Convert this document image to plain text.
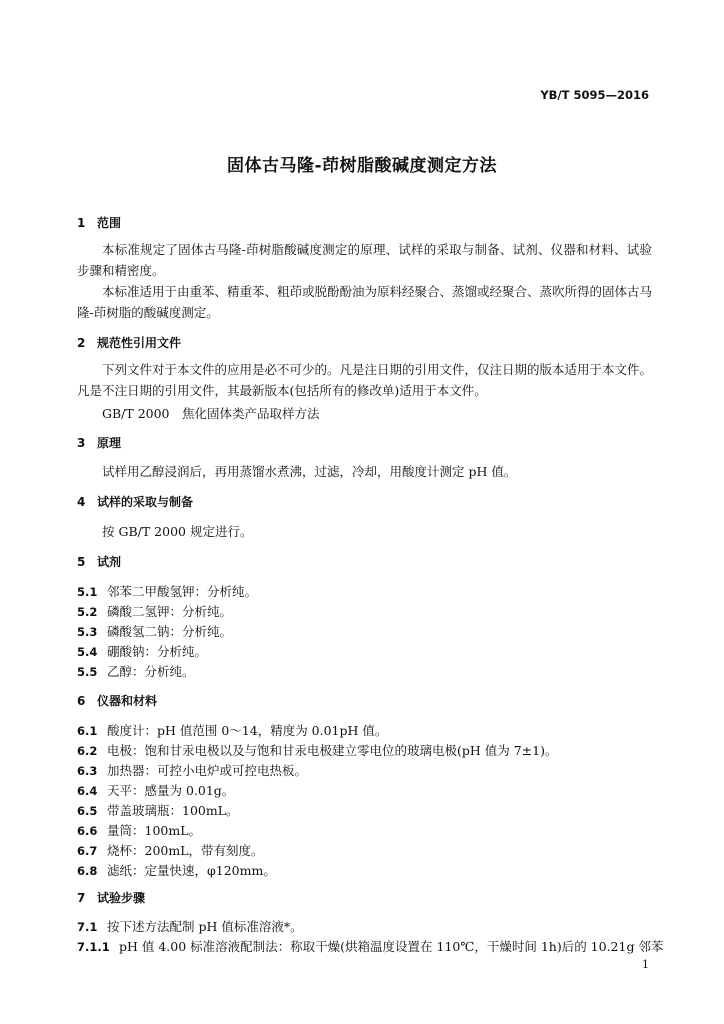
YB/T 5095—2016
固体古马隆-茚树脂酸碱度测定方法
1 范围
本标准规定了固体古马隆-茚树脂酸碱度测定的原理、试样的采取与制备、试剂、仪器和材料、试验步骤和精密度。
本标准适用于由重苯、精重苯、粗茚或脱酚酚油为原料经聚合、蒸馏或经聚合、蒸吹所得的固体古马隆-茚树脂的酸碱度测定。
2 规范性引用文件
下列文件对于本文件的应用是必不可少的。凡是注日期的引用文件，仅注日期的版本适用于本文件。凡是不注日期的引用文件，其最新版本(包括所有的修改单)适用于本文件。
GB/T 2000　焦化固体类产品取样方法
3 原理
试样用乙醇浸润后，再用蒸馏水煮沸，过滤，冷却，用酸度计测定 pH 值。
4 试样的采取与制备
按 GB/T 2000 规定进行。
5 试剂
5.1 邻苯二甲酸氢钾：分析纯。
5.2 磷酸二氢钾：分析纯。
5.3 磷酸氢二钠：分析纯。
5.4 硼酸钠：分析纯。
5.5 乙醇：分析纯。
6 仪器和材料
6.1 酸度计：pH 值范围 0～14，精度为 0.01pH 值。
6.2 电极：饱和甘汞电极以及与饱和甘汞电极建立零电位的玻璃电极(pH 值为 7±1)。
6.3 加热器：可控小电炉或可控电热板。
6.4 天平：感量为 0.01g。
6.5 带盖玻璃瓶：100mL。
6.6 量筒：100mL。
6.7 烧杯：200mL，带有刻度。
6.8 滤纸：定量快速，φ120mm。
7 试验步骤
7.1 按下述方法配制 pH 值标准溶液*。
7.1.1 pH 值 4.00 标准溶液配制法：称取干燥(烘箱温度设置在 110℃，干燥时间 1h)后的 10.21g 邻苯
1
